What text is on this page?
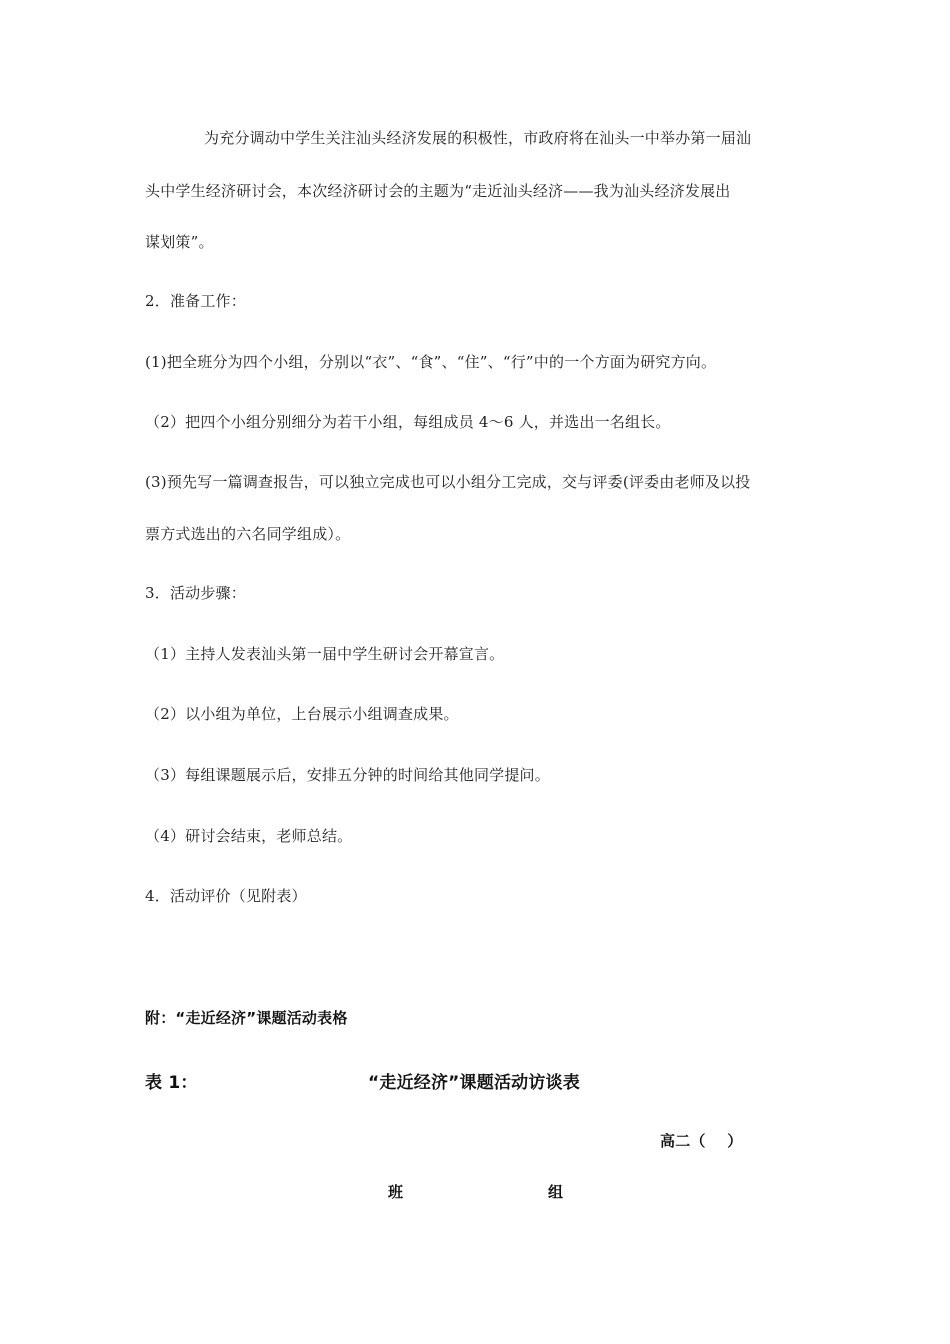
为充分调动中学生关注汕头经济发展的积极性，市政府将在汕头一中举办第一届汕
头中学生经济研讨会，本次经济研讨会的主题为“走近汕头经济——我为汕头经济发展出
谋划策”。
2．准备工作：
(1)把全班分为四个小组，分别以“衣”、“食”、“住”、“行”中的一个方面为研究方向。
（2）把四个小组分别细分为若干小组，每组成员 4～6 人，并选出一名组长。
(3)预先写一篇调查报告，可以独立完成也可以小组分工完成，交与评委(评委由老师及以投
票方式选出的六名同学组成）。
3．活动步骤：
（1）主持人发表汕头第一届中学生研讨会开幕宣言。
（2）以小组为单位，上台展示小组调查成果。
（3）每组课题展示后，安排五分钟的时间给其他同学提问。
（4）研讨会结束，老师总结。
4．活动评价（见附表）
附：“走近经济”课题活动表格
表 1：	“走近经济”课题活动访谈表
高二（    ）
班	组
